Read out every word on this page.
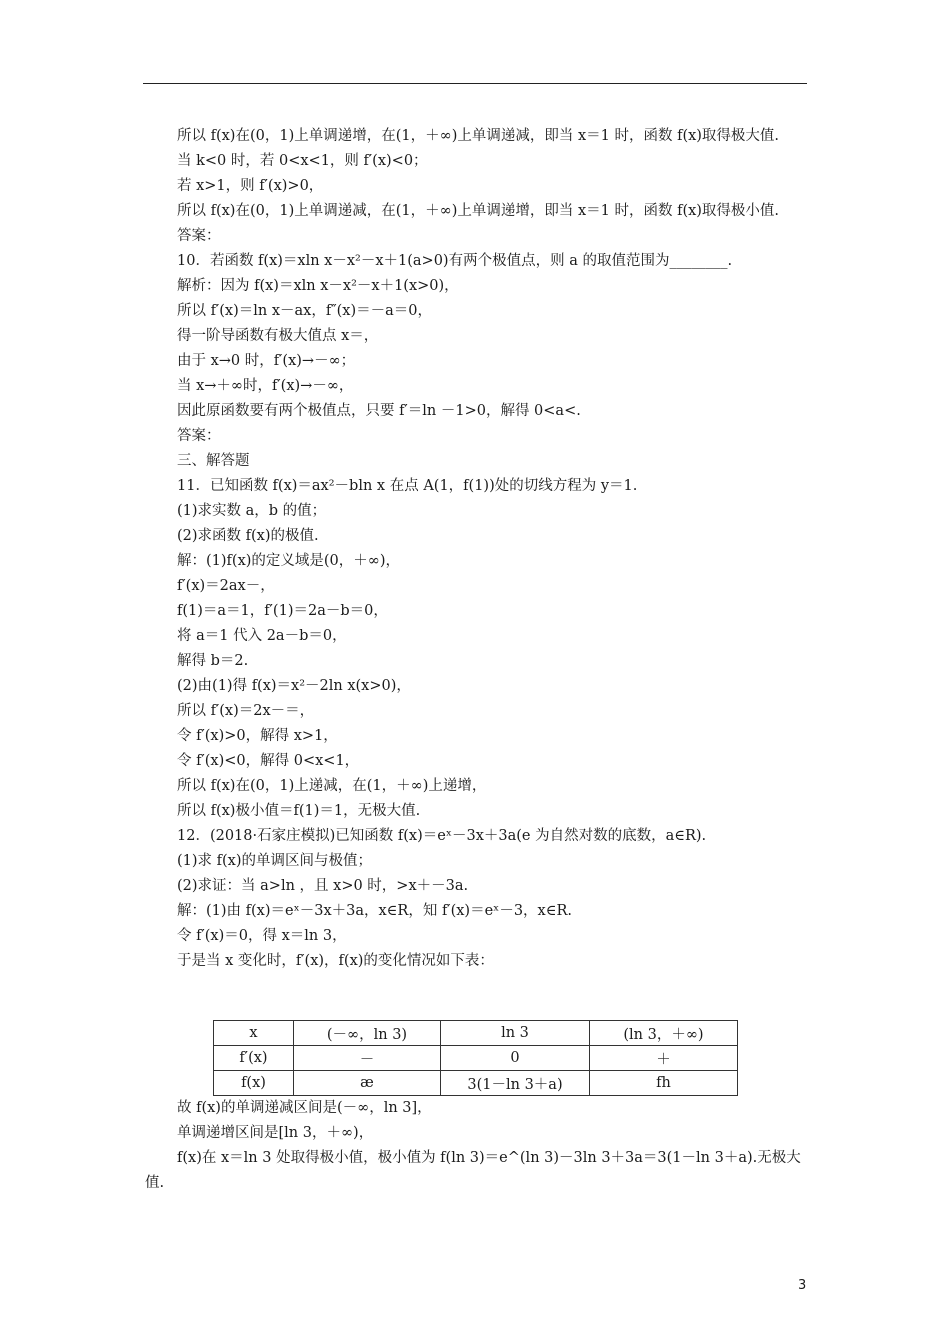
所以 f(x)在(0，1)上单调递增，在(1，＋∞)上单调递减，即当 x＝1 时，函数 f(x)取得极大值.
当 k<0 时，若 0<x<1，则 f′(x)<0；
若 x>1，则 f′(x)>0，
所以 f(x)在(0，1)上单调递减，在(1，＋∞)上单调递增，即当 x＝1 时，函数 f(x)取得极小值.
答案：
10．若函数 f(x)＝xln x－x²－x＋1(a>0)有两个极值点，则 a 的取值范围为________.
解析：因为 f(x)＝xln x－x²－x＋1(x>0)，
所以 f′(x)＝ln x－ax，f″(x)＝－a＝0，
得一阶导函数有极大值点 x＝，
由于 x→0 时，f′(x)→－∞；
当 x→＋∞时，f′(x)→－∞，
因此原函数要有两个极值点，只要 f′＝ln －1>0，解得 0<a<.
答案：
三、解答题
11．已知函数 f(x)＝ax²－bln x 在点 A(1，f(1))处的切线方程为 y＝1.
(1)求实数 a，b 的值；
(2)求函数 f(x)的极值.
解：(1)f(x)的定义域是(0，＋∞)，
f′(x)＝2ax－，
f(1)＝a＝1，f′(1)＝2a－b＝0，
将 a＝1 代入 2a－b＝0，
解得 b＝2.
(2)由(1)得 f(x)＝x²－2ln x(x>0)，
所以 f′(x)＝2x－＝，
令 f′(x)>0，解得 x>1，
令 f′(x)<0，解得 0<x<1，
所以 f(x)在(0，1)上递减，在(1，＋∞)上递增，
所以 f(x)极小值＝f(1)＝1，无极大值.
12．(2018·石家庄模拟)已知函数 f(x)＝eˣ－3x＋3a(e 为自然对数的底数，a∈R).
(1)求 f(x)的单调区间与极值；
(2)求证：当 a>ln ，且 x>0 时，>x＋－3a.
解：(1)由 f(x)＝eˣ－3x＋3a，x∈R，知 f′(x)＝eˣ－3，x∈R.
令 f′(x)＝0，得 x＝ln 3，
于是当 x 变化时，f′(x)，f(x)的变化情况如下表：
x	(－∞，ln 3)	ln 3	(ln 3，＋∞)
f′(x)	－	0	＋
f(x)	æ	3(1－ln 3＋a)	fh
故 f(x)的单调递减区间是(－∞，ln 3]，
单调递增区间是[ln 3，＋∞)，
f(x)在 x＝ln 3 处取得极小值，极小值为 f(ln 3)＝e^(ln 3)－3ln 3＋3a＝3(1－ln 3＋a).无极大值.
3
